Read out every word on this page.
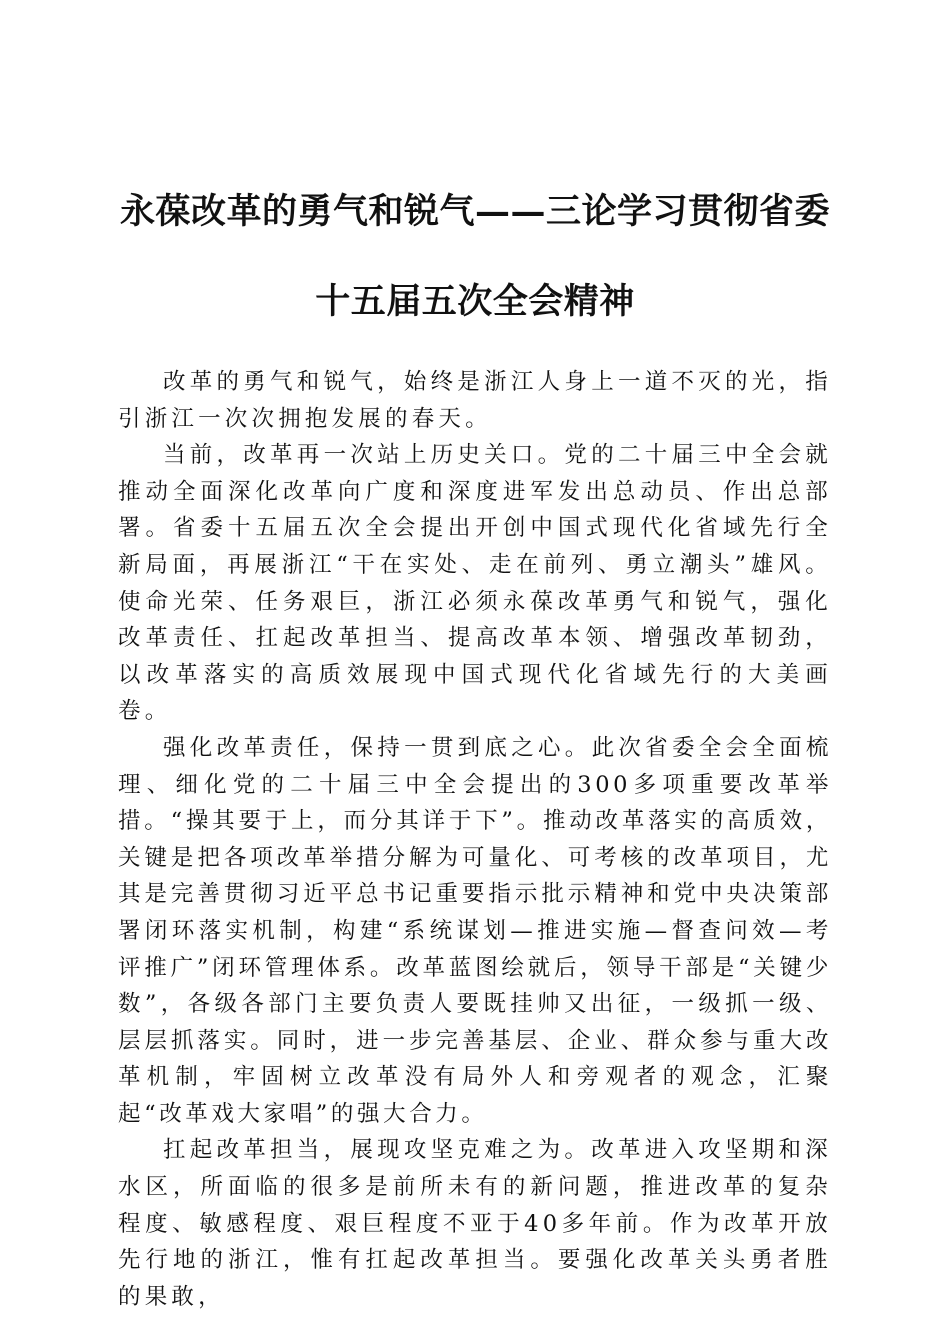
永葆改革的勇气和锐气——三论学习贯彻省委
十五届五次全会精神

改革的勇气和锐气，始终是浙江人身上一道不灭的光，指引浙江一次次拥抱发展的春天。

当前，改革再一次站上历史关口。党的二十届三中全会就推动全面深化改革向广度和深度进军发出总动员、作出总部署。省委十五届五次全会提出开创中国式现代化省域先行全新局面，再展浙江“干在实处、走在前列、勇立潮头”雄风。使命光荣、任务艰巨，浙江必须永葆改革勇气和锐气，强化改革责任、扛起改革担当、提高改革本领、增强改革韧劲，以改革落实的高质效展现中国式现代化省域先行的大美画卷。

强化改革责任，保持一贯到底之心。此次省委全会全面梳理、细化党的二十届三中全会提出的300多项重要改革举措。“操其要于上，而分其详于下”。推动改革落实的高质效，关键是把各项改革举措分解为可量化、可考核的改革项目，尤其是完善贯彻习近平总书记重要指示批示精神和党中央决策部署闭环落实机制，构建“系统谋划—推进实施—督查问效—考评推广”闭环管理体系。改革蓝图绘就后，领导干部是“关键少数”，各级各部门主要负责人要既挂帅又出征，一级抓一级、层层抓落实。同时，进一步完善基层、企业、群众参与重大改革机制，牢固树立改革没有局外人和旁观者的观念，汇聚起“改革戏大家唱”的强大合力。

扛起改革担当，展现攻坚克难之为。改革进入攻坚期和深水区，所面临的很多是前所未有的新问题，推进改革的复杂程度、敏感程度、艰巨程度不亚于40多年前。作为改革开放先行地的浙江，惟有扛起改革担当。要强化改革关头勇者胜的果敢，
